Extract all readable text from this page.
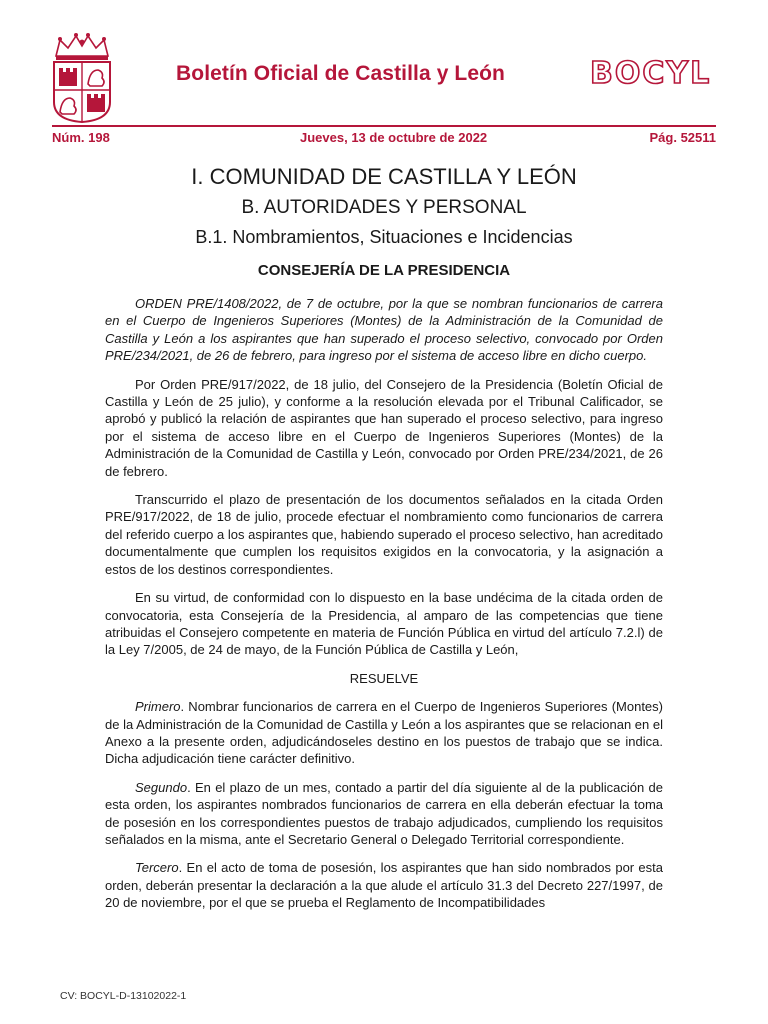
Boletín Oficial de Castilla y León	BOCYL
Núm. 198	Jueves, 13 de octubre de 2022	Pág. 52511
I. COMUNIDAD DE CASTILLA Y LEÓN
B. AUTORIDADES Y PERSONAL
B.1. Nombramientos, Situaciones e Incidencias
CONSEJERÍA DE LA PRESIDENCIA

ORDEN PRE/1408/2022, de 7 de octubre, por la que se nombran funcionarios de carrera en el Cuerpo de Ingenieros Superiores (Montes) de la Administración de la Comunidad de Castilla y León a los aspirantes que han superado el proceso selectivo, convocado por Orden PRE/234/2021, de 26 de febrero, para ingreso por el sistema de acceso libre en dicho cuerpo.

Por Orden PRE/917/2022, de 18 julio, del Consejero de la Presidencia (Boletín Oficial de Castilla y León de 25 julio), y conforme a la resolución elevada por el Tribunal Calificador, se aprobó y publicó la relación de aspirantes que han superado el proceso selectivo, para ingreso por el sistema de acceso libre en el Cuerpo de Ingenieros Superiores (Montes) de la Administración de la Comunidad de Castilla y León, convocado por Orden PRE/234/2021, de 26 de febrero.

Transcurrido el plazo de presentación de los documentos señalados en la citada Orden PRE/917/2022, de 18 de julio, procede efectuar el nombramiento como funcionarios de carrera del referido cuerpo a los aspirantes que, habiendo superado el proceso selectivo, han acreditado documentalmente que cumplen los requisitos exigidos en la convocatoria, y la asignación a estos de los destinos correspondientes.

En su virtud, de conformidad con lo dispuesto en la base undécima de la citada orden de convocatoria, esta Consejería de la Presidencia, al amparo de las competencias que tiene atribuidas el Consejero competente en materia de Función Pública en virtud del artículo 7.2.l) de la Ley 7/2005, de 24 de mayo, de la Función Pública de Castilla y León,

RESUELVE

Primero. Nombrar funcionarios de carrera en el Cuerpo de Ingenieros Superiores (Montes) de la Administración de la Comunidad de Castilla y León a los aspirantes que se relacionan en el Anexo a la presente orden, adjudicándoseles destino en los puestos de trabajo que se indica. Dicha adjudicación tiene carácter definitivo.

Segundo. En el plazo de un mes, contado a partir del día siguiente al de la publicación de esta orden, los aspirantes nombrados funcionarios de carrera en ella deberán efectuar la toma de posesión en los correspondientes puestos de trabajo adjudicados, cumpliendo los requisitos señalados en la misma, ante el Secretario General o Delegado Territorial correspondiente.

Tercero. En el acto de toma de posesión, los aspirantes que han sido nombrados por esta orden, deberán presentar la declaración a la que alude el artículo 31.3 del Decreto 227/1997, de 20 de noviembre, por el que se prueba el Reglamento de Incompatibilidades

CV: BOCYL-D-13102022-1
